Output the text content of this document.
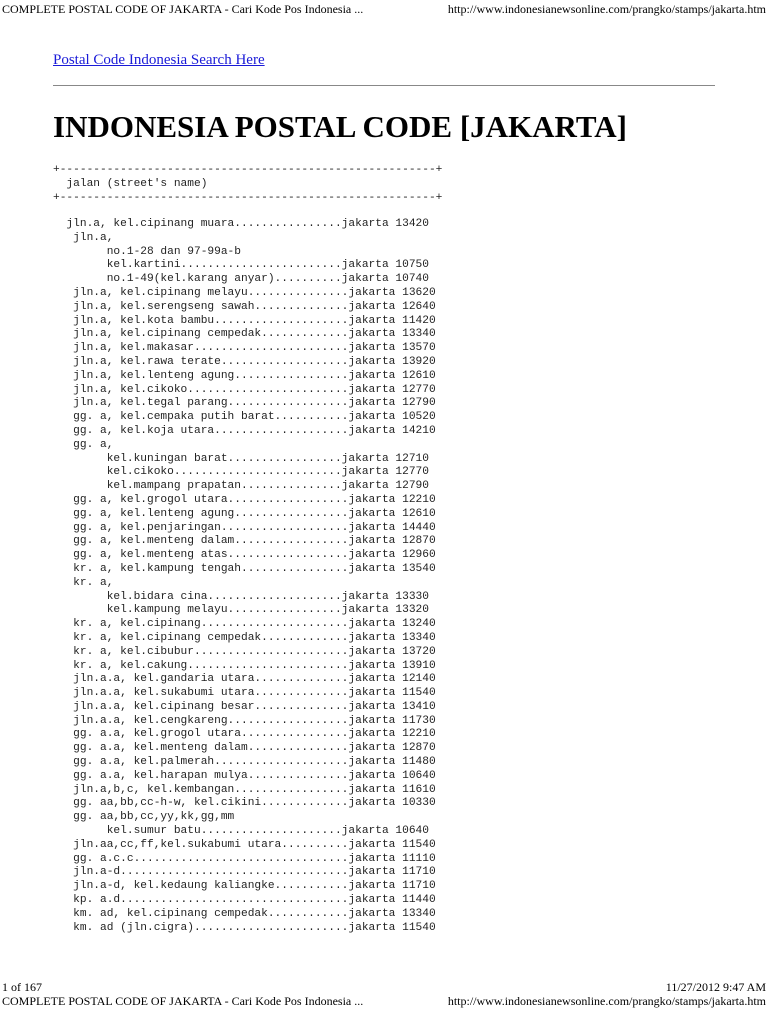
COMPLETE POSTAL CODE OF JAKARTA - Cari Kode Pos Indonesia ...	http://www.indonesianewsonline.com/prangko/stamps/jakarta.htm
Postal Code Indonesia Search Here
INDONESIA POSTAL CODE [JAKARTA]
+--------------------------------------------------------+
jalan (street's name)
+--------------------------------------------------------+
jln.a, kel.cipinang muara................jakarta 13420
jln.a,
no.1-28 dan 97-99a-b
kel.kartini........................jakarta 10750
no.1-49(kel.karang anyar)..........jakarta 10740
jln.a, kel.cipinang melayu...............jakarta 13620
jln.a, kel.serengseng sawah..............jakarta 12640
jln.a, kel.kota bambu....................jakarta 11420
jln.a, kel.cipinang cempedak.............jakarta 13340
jln.a, kel.makasar.......................jakarta 13570
jln.a, kel.rawa terate...................jakarta 13920
jln.a, kel.lenteng agung.................jakarta 12610
jln.a, kel.cikoko........................jakarta 12770
jln.a, kel.tegal parang..................jakarta 12790
gg. a, kel.cempaka putih barat...........jakarta 10520
gg. a, kel.koja utara....................jakarta 14210
gg. a,
kel.kuningan barat.................jakarta 12710
kel.cikoko.........................jakarta 12770
kel.mampang prapatan...............jakarta 12790
gg. a, kel.grogol utara..................jakarta 12210
gg. a, kel.lenteng agung.................jakarta 12610
gg. a, kel.penjaringan...................jakarta 14440
gg. a, kel.menteng dalam.................jakarta 12870
gg. a, kel.menteng atas..................jakarta 12960
kr. a, kel.kampung tengah................jakarta 13540
kr. a,
kel.bidara cina....................jakarta 13330
kel.kampung melayu.................jakarta 13320
kr. a, kel.cipinang......................jakarta 13240
kr. a, kel.cipinang cempedak.............jakarta 13340
kr. a, kel.cibubur.......................jakarta 13720
kr. a, kel.cakung........................jakarta 13910
jln.a.a, kel.gandaria utara..............jakarta 12140
jln.a.a, kel.sukabumi utara..............jakarta 11540
jln.a.a, kel.cipinang besar..............jakarta 13410
jln.a.a, kel.cengkareng..................jakarta 11730
gg. a.a, kel.grogol utara................jakarta 12210
gg. a.a, kel.menteng dalam...............jakarta 12870
gg. a.a, kel.palmerah....................jakarta 11480
gg. a.a, kel.harapan mulya...............jakarta 10640
jln.a,b,c, kel.kembangan.................jakarta 11610
gg. aa,bb,cc-h-w, kel.cikini.............jakarta 10330
gg. aa,bb,cc,yy,kk,gg,mm
kel.sumur batu.....................jakarta 10640
jln.aa,cc,ff,kel.sukabumi utara..........jakarta 11540
gg. a.c.c................................jakarta 11110
jln.a-d..................................jakarta 11710
jln.a-d, kel.kedaung kaliangke...........jakarta 11710
kp. a.d..................................jakarta 11440
km. ad, kel.cipinang cempedak............jakarta 13340
km. ad (jln.cigra).......................jakarta 11540
1 of 167	11/27/2012 9:47 AM
COMPLETE POSTAL CODE OF JAKARTA - Cari Kode Pos Indonesia ...	http://www.indonesianewsonline.com/prangko/stamps/jakarta.htm
